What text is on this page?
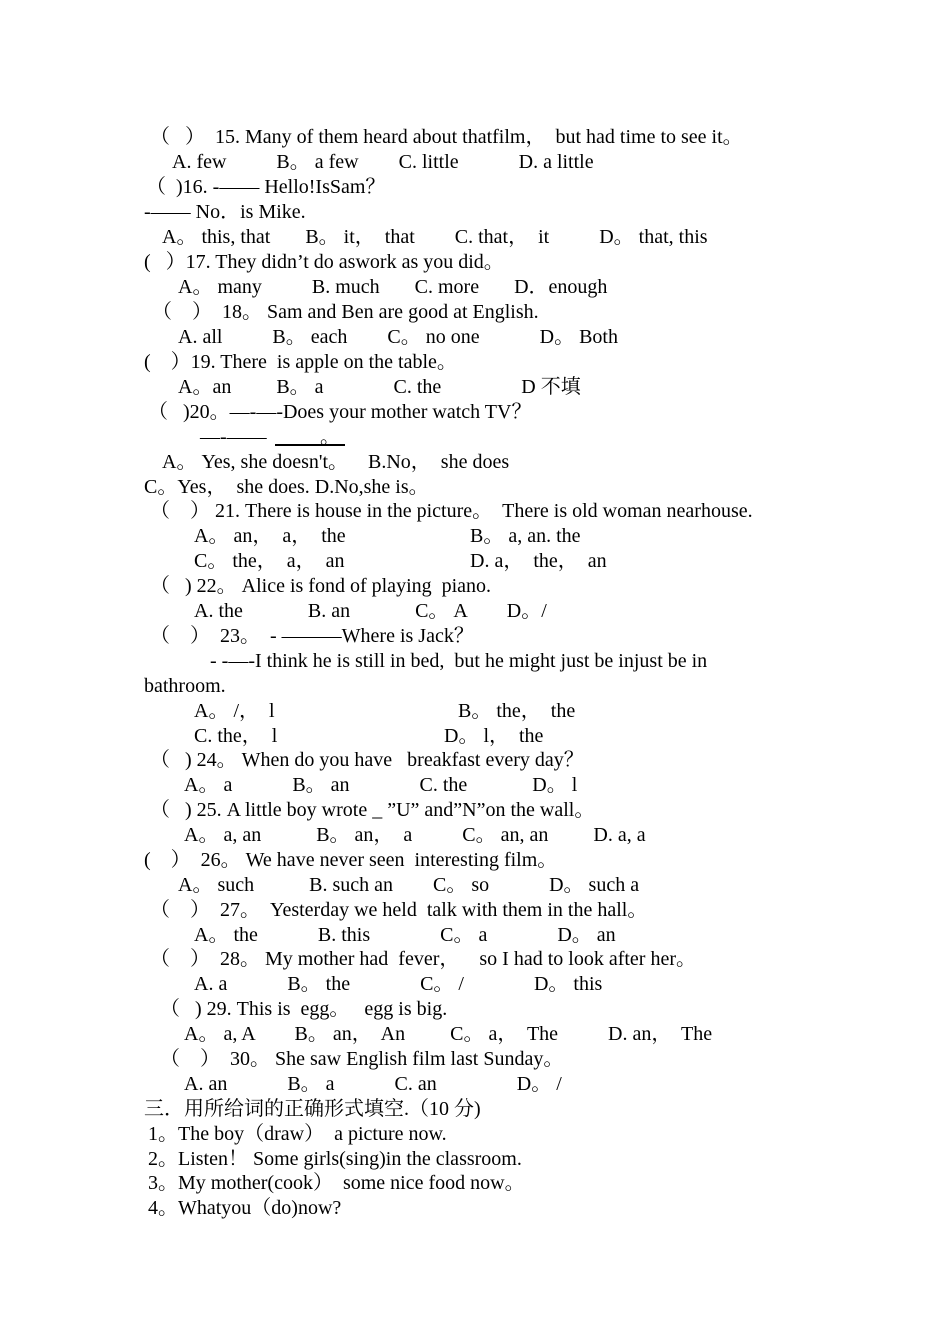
（   ）  15. Many of them heard about thatfilm，  but had time to see it。
A. few          B。 a few        C. little            D. a little
（  )16. -—— Hello!IsSam？
-—— No．is Mike.
A。 this, that       B。 it，  that        C. that，  it          D。 that, this
(   ）17. They didn’t do aswork as you did。
A。 many          B. much       C. more       D．enough
（    ）  18。 Sam and Ben are good at English.
A. all          B。 each        C。 no one            D。 Both
(    ）19. There  is apple on the table。
A。an         B。 a              C. the                D 不填
（   )20。—-—-Does your mother watch TV？
—-—— 。
A。 Yes, she doesn't。    B.No，  she does
C。Yes，  she does. D.No,she is。
（    ） 21. There is house in the picture。  There is old woman nearhouse.
A。 an，  a，  the	B。 a, an. the
C。 the，  a，  an	D. a，  the，  an
（   ) 22。 Alice is fond of playing  piano.
A. the             B. an             C。 A        D。/
（    ）  23。  - ———Where is Jack？
- -—-I think he is still in bed,  but he might just be injust be in
bathroom.
A。 /，  l	B。 the，  the
C. the，  l	D。 l，  the
（   ) 24。 When do you have   breakfast every day？
A。 a            B。 an              C. the             D。 l
（   ) 25. A little boy wrote _ ”U” and”N”on the wall。
A。 a, an           B。 an，  a          C。 an, an         D. a, a
(    ）  26。 We have never seen  interesting film。
A。 such           B. such an        C。 so            D。 such a
（    ）  27。  Yesterday we held  talk with them in the hall。
A。 the            B. this              C。 a              D。 an
（    ）  28。 My mother had  fever，    so I had to look after her。
A. a            B。 the              C。 /              D。 this
（   ) 29. This is  egg。   egg is big.
A。 a, A        B。 an，  An         C。 a，  The          D. an，  The
（    ）  30。 She saw English film last Sunday。
A. an            B。 a            C. an                D。 /
三．用所给词的正确形式填空.（10 分)
1。The boy（draw）  a picture now.
2。Listen！ Some girls(sing)in the classroom.
3。My mother(cook）  some nice food now。
4。Whatyou（do)now?
